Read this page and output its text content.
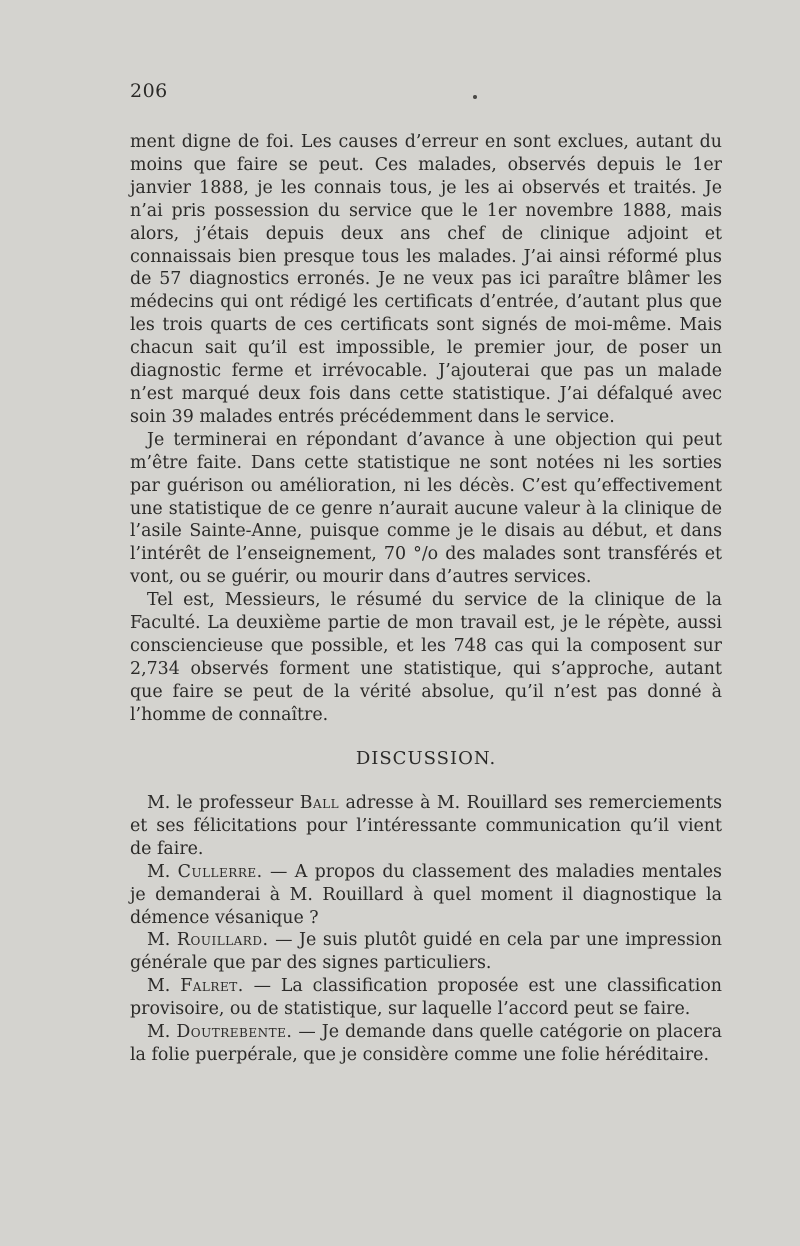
206

ment digne de foi. Les causes d’erreur en sont exclues, autant du moins que faire se peut. Ces malades, observés depuis le 1er janvier 1888, je les connais tous, je les ai observés et traités. Je n’ai pris possession du service que le 1er novembre 1888, mais alors, j’étais depuis deux ans chef de clinique adjoint et connaissais bien presque tous les malades. J’ai ainsi réformé plus de 57 diagnostics erronés. Je ne veux pas ici paraître blâmer les médecins qui ont rédigé les certificats d’entrée, d’autant plus que les trois quarts de ces certificats sont signés de moi-même. Mais chacun sait qu’il est impossible, le premier jour, de poser un diagnostic ferme et irrévocable. J’ajouterai que pas un malade n’est marqué deux fois dans cette statistique. J’ai défalqué avec soin 39 malades entrés précédemment dans le service.

Je terminerai en répondant d’avance à une objection qui peut m’être faite. Dans cette statistique ne sont notées ni les sorties par guérison ou amélioration, ni les décès. C’est qu’effectivement une statistique de ce genre n’aurait aucune valeur à la clinique de l’asile Sainte-Anne, puisque comme je le disais au début, et dans l’intérêt de l’enseignement, 70 °/o des malades sont transférés et vont, ou se guérir, ou mourir dans d’autres services.

Tel est, Messieurs, le résumé du service de la clinique de la Faculté. La deuxième partie de mon travail est, je le répète, aussi consciencieuse que possible, et les 748 cas qui la composent sur 2,734 observés forment une statistique, qui s’approche, autant que faire se peut de la vérité absolue, qu’il n’est pas donné à l’homme de connaître.

DISCUSSION.

M. le professeur Ball adresse à M. Rouillard ses remerciements et ses félicitations pour l’intéressante communication qu’il vient de faire.

M. Cullerre. — A propos du classement des maladies mentales je demanderai à M. Rouillard à quel moment il diagnostique la démence vésanique ?

M. Rouillard. — Je suis plutôt guidé en cela par une impression générale que par des signes particuliers.

M. Falret. — La classification proposée est une classification provisoire, ou de statistique, sur laquelle l’accord peut se faire.

M. Doutrebente. — Je demande dans quelle catégorie on placera la folie puerpérale, que je considère comme une folie héréditaire.
